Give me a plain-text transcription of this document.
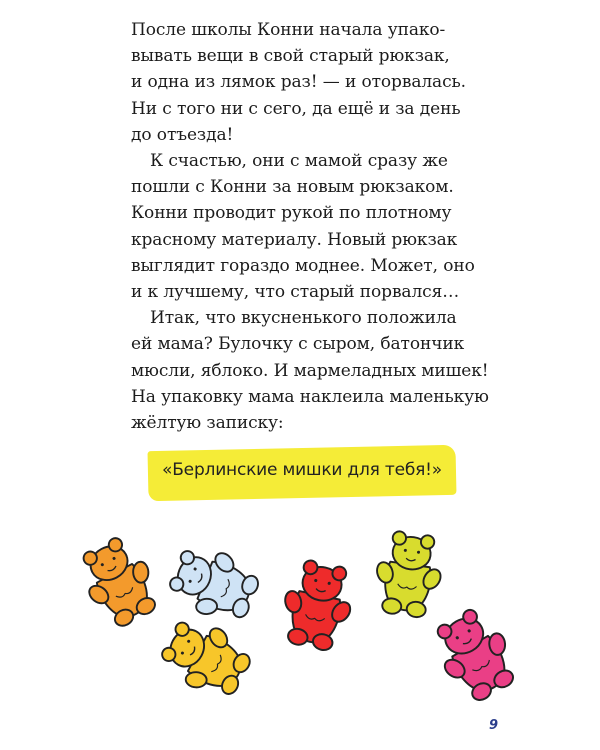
После школы Конни начала упако-
вывать вещи в свой старый рюкзак,
и одна из лямок раз! — и оторвалась.
Ни с того ни с сего, да ещё и за день
до отъезда!
К счастью, они с мамой сразу же
пошли с Конни за новым рюкзаком.
Конни проводит рукой по плотному
красному материалу. Новый рюкзак
выглядит гораздо моднее. Может, оно
и к лучшему, что старый порвался…
Итак, что вкусненького положила
ей мама? Булочку с сыром, батончик
мюсли, яблоко. И мармеладных мишек!
На упаковку мама наклеила маленькую
жёлтую записку:
«Берлинские мишки для тебя!»
9
